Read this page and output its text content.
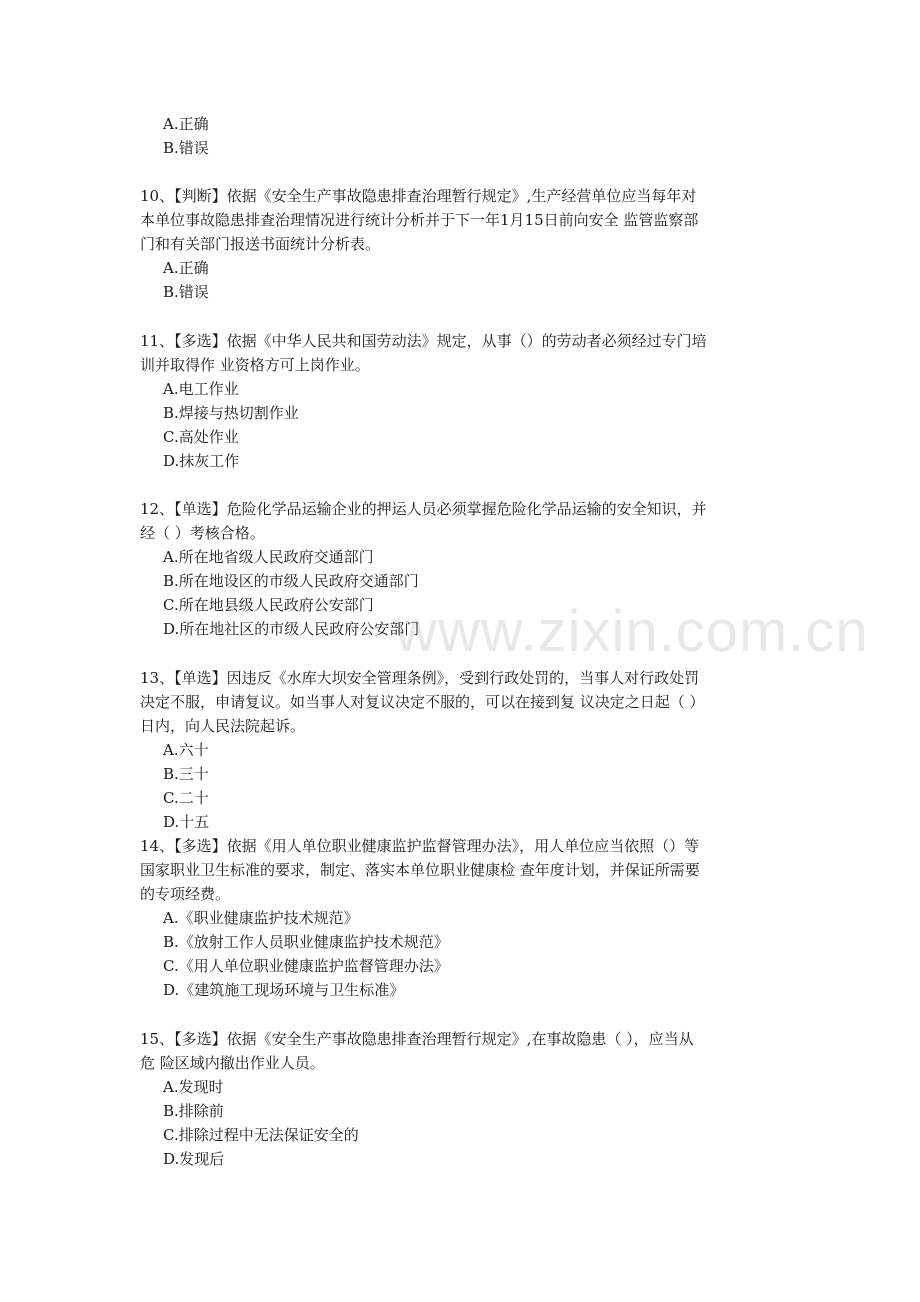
www.zixin.com.cn
A.正确
B.错误
10、【判断】依据《安全生产事故隐患排查治理暂行规定》,生产经营单位应当每年对
本单位事故隐患排查治理情况进行统计分析并于下一年1月15日前向安全 监管监察部
门和有关部门报送书面统计分析表。
A.正确
B.错误
11、【多选】依据《中华人民共和国劳动法》规定，从事（）的劳动者必须经过专门培
训并取得作 业资格方可上岗作业。
A.电工作业
B.焊接与热切割作业
C.高处作业
D.抹灰工作
12、【单选】危险化学品运输企业的押运人员必须掌握危险化学品运输的安全知识，并
经（ ）考核合格。
A.所在地省级人民政府交通部门
B.所在地设区的市级人民政府交通部门
C.所在地县级人民政府公安部门
D.所在地社区的市级人民政府公安部门
13、【单选】因违反《水库大坝安全管理条例》，受到行政处罚的，当事人对行政处罚
决定不服，申请复议。如当事人对复议决定不服的，可以在接到复 议决定之日起（ ）
日内，向人民法院起诉。
A.六十
B.三十
C.二十
D.十五
14、【多选】依据《用人单位职业健康监护监督管理办法》，用人单位应当依照（）等
国家职业卫生标准的要求，制定、落实本单位职业健康检 查年度计划，并保证所需要
的专项经费。
A.《职业健康监护技术规范》
B.《放射工作人员职业健康监护技术规范》
C.《用人单位职业健康监护监督管理办法》
D.《建筑施工现场环境与卫生标准》
15、【多选】依据《安全生产事故隐患排查治理暂行规定》,在事故隐患（ ），应当从
危 险区域内撤出作业人员。
A.发现时
B.排除前
C.排除过程中无法保证安全的
D.发现后
